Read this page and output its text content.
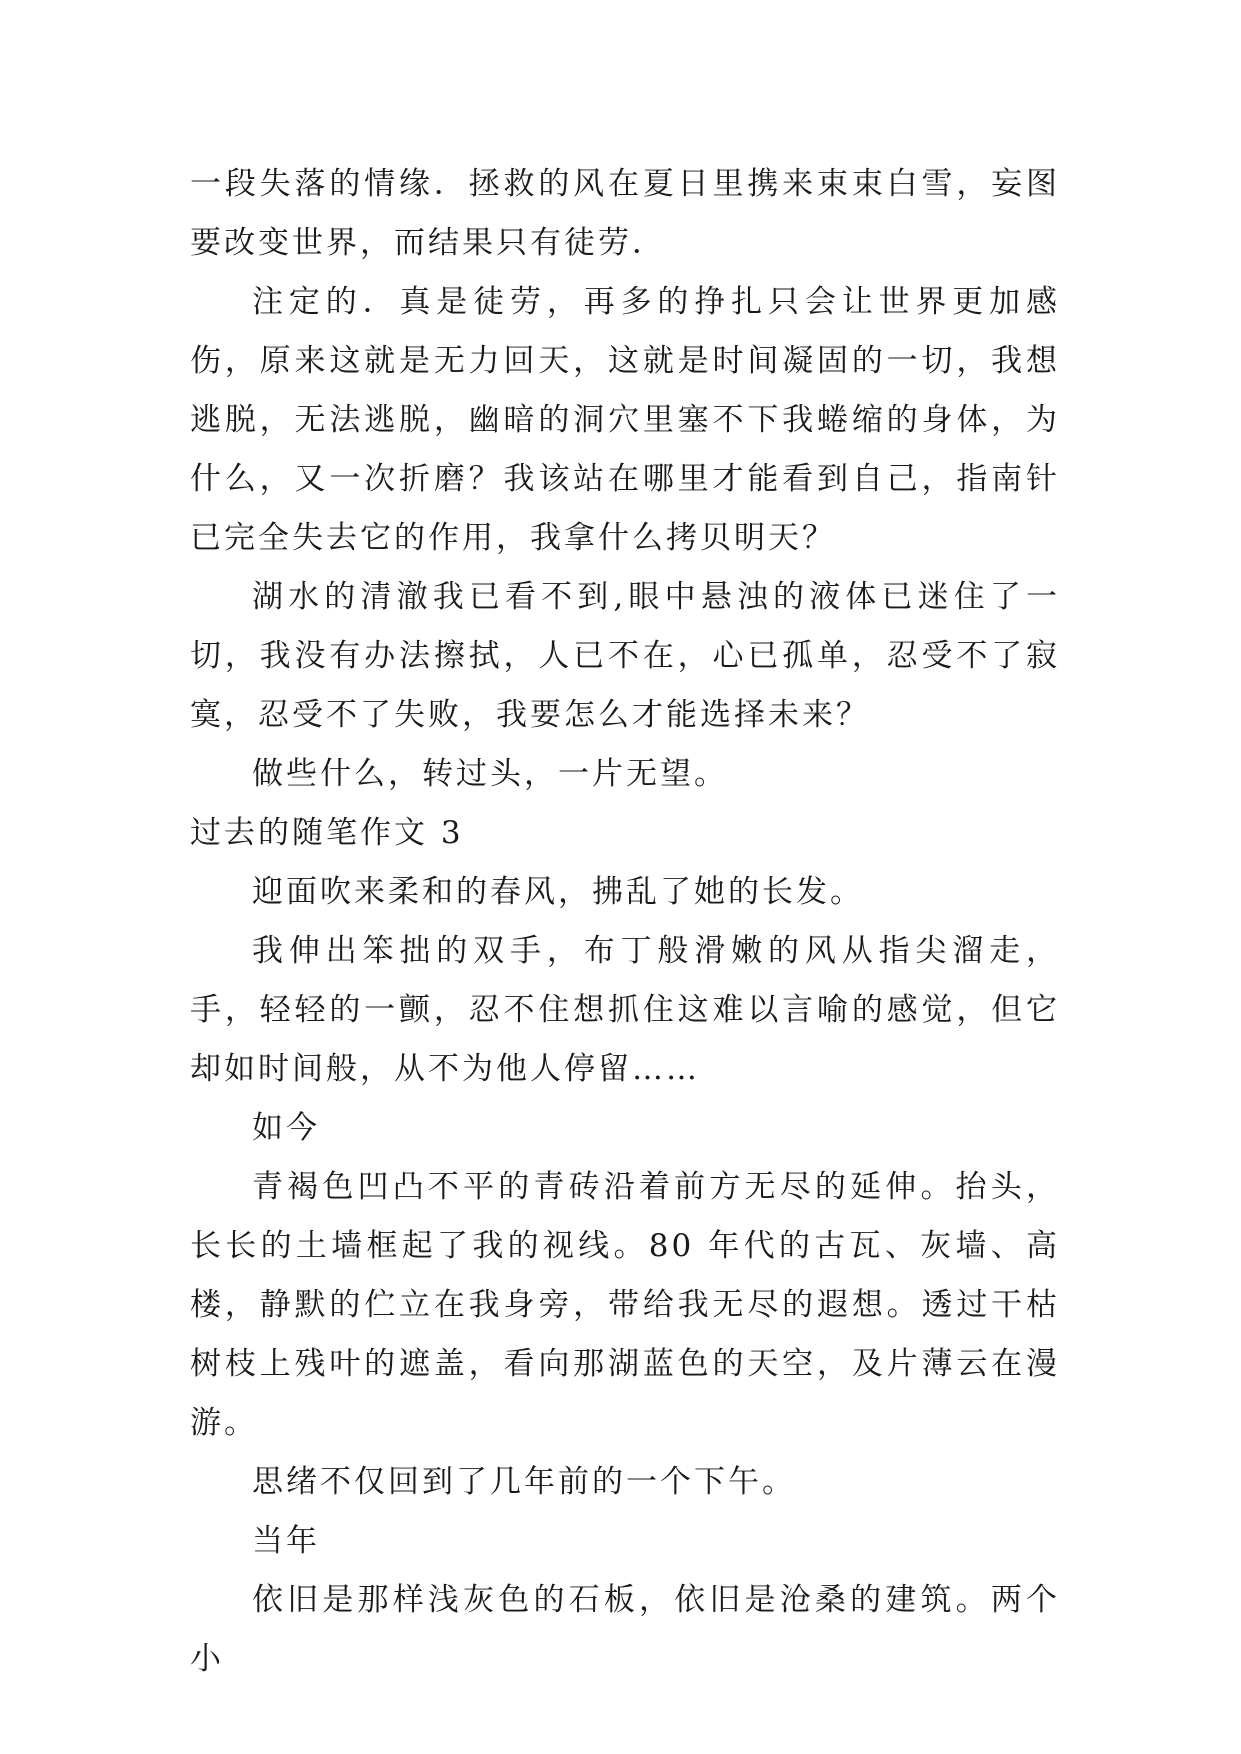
一段失落的情缘．拯救的风在夏日里携来束束白雪，妄图要改变世界，而结果只有徒劳．

注定的．真是徒劳，再多的挣扎只会让世界更加感伤，原来这就是无力回天，这就是时间凝固的一切，我想逃脱，无法逃脱，幽暗的洞穴里塞不下我蜷缩的身体，为什么，又一次折磨？我该站在哪里才能看到自己，指南针已完全失去它的作用，我拿什么拷贝明天？

湖水的清澈我已看不到,眼中悬浊的液体已迷住了一切，我没有办法擦拭，人已不在，心已孤单，忍受不了寂寞，忍受不了失败，我要怎么才能选择未来？

做些什么，转过头，一片无望。

过去的随笔作文 3

迎面吹来柔和的春风，拂乱了她的长发。

我伸出笨拙的双手，布丁般滑嫩的风从指尖溜走，手，轻轻的一颤，忍不住想抓住这难以言喻的感觉，但它却如时间般，从不为他人停留……

如今

青褐色凹凸不平的青砖沿着前方无尽的延伸。抬头，长长的土墙框起了我的视线。80 年代的古瓦、灰墙、高楼，静默的伫立在我身旁，带给我无尽的遐想。透过干枯树枝上残叶的遮盖，看向那湖蓝色的天空，及片薄云在漫游。

思绪不仅回到了几年前的一个下午。

当年

依旧是那样浅灰色的石板，依旧是沧桑的建筑。两个小
